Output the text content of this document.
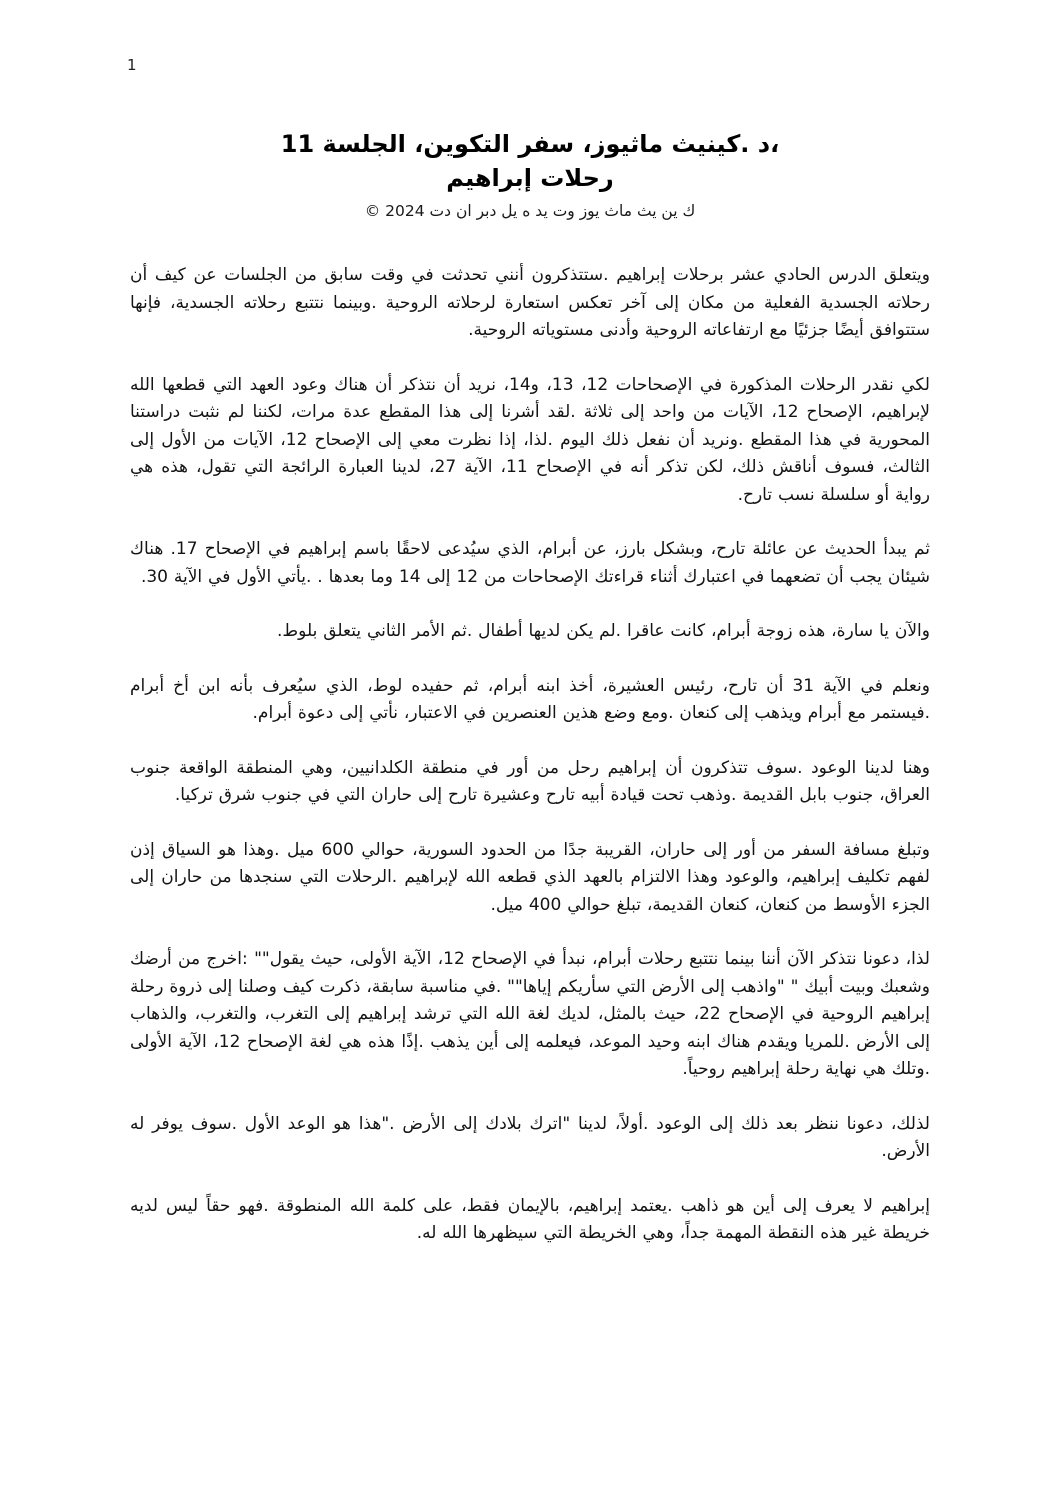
1
،د .كينيث ماثيوز، سفر التكوين، الجلسة 11
رحلات إبراهيم
ك ين يث ماث يوز وت يد ه يل دبر ان دت 2024 ©

ويتعلق الدرس الحادي عشر برحلات إبراهيم .ستتذكرون أنني تحدثت في وقت سابق من الجلسات عن كيف أن رحلاته الجسدية الفعلية من مكان إلى آخر تعكس استعارة لرحلاته الروحية .وبينما نتتبع رحلاته الجسدية، فإنها ستتوافق أيضًا جزئيًا مع ارتفاعاته الروحية وأدنى مستوياته الروحية.

لكي نقدر الرحلات المذكورة في الإصحاحات 12، 13، و14، نريد أن نتذكر أن هناك وعود العهد التي قطعها الله لإبراهيم، الإصحاح 12، الآيات من واحد إلى ثلاثة .لقد أشرنا إلى هذا المقطع عدة مرات، لكننا لم نثبت دراستنا المحورية في هذا المقطع .ونريد أن نفعل ذلك اليوم .لذا، إذا نظرت معي إلى الإصحاح 12، الآيات من الأول إلى الثالث، فسوف أناقش ذلك، لكن تذكر أنه في الإصحاح 11، الآية 27، لدينا العبارة الرائجة التي تقول، هذه هي رواية أو سلسلة نسب تارح.

ثم يبدأ الحديث عن عائلة تارح، وبشكل بارز، عن أبرام، الذي سيُدعى لاحقًا باسم إبراهيم في الإصحاح 17. هناك شيئان يجب أن تضعهما في اعتبارك أثناء قراءتك الإصحاحات من 12 إلى 14 وما بعدها . .يأتي الأول في الآية 30.

والآن يا سارة، هذه زوجة أبرام، كانت عاقرا .لم يكن لديها أطفال .ثم الأمر الثاني يتعلق بلوط.

ونعلم في الآية 31 أن تارح، رئيس العشيرة، أخذ ابنه أبرام، ثم حفيده لوط، الذي سيُعرف بأنه ابن أخ أبرام .فيستمر مع أبرام ويذهب إلى كنعان .ومع وضع هذين العنصرين في الاعتبار، نأتي إلى دعوة أبرام.

وهنا لدينا الوعود .سوف تتذكرون أن إبراهيم رحل من أور في منطقة الكلدانيين، وهي المنطقة الواقعة جنوب العراق، جنوب بابل القديمة .وذهب تحت قيادة أبيه تارح وعشيرة تارح إلى حاران التي في جنوب شرق تركيا.

وتبلغ مسافة السفر من أور إلى حاران، القريبة جدًا من الحدود السورية، حوالي 600 ميل .وهذا هو السياق إذن لفهم تكليف إبراهيم، والوعود وهذا الالتزام بالعهد الذي قطعه الله لإبراهيم .الرحلات التي سنجدها من حاران إلى الجزء الأوسط من كنعان، كنعان القديمة، تبلغ حوالي 400 ميل.

لذا، دعونا نتذكر الآن أننا بينما نتتبع رحلات أبرام، نبدأ في الإصحاح 12، الآية الأولى، حيث يقول"" :اخرج من أرضك وشعبك وبيت أبيك " "واذهب إلى الأرض التي سأريكم إياها"" .في مناسبة سابقة، ذكرت كيف وصلنا إلى ذروة رحلة إبراهيم الروحية في الإصحاح 22، حيث بالمثل، لديك لغة الله التي ترشد إبراهيم إلى التغرب، والتغرب، والذهاب إلى الأرض .للمريا ويقدم هناك ابنه وحيد الموعد، فيعلمه إلى أين يذهب .إذًا هذه هي لغة الإصحاح 12، الآية الأولى .وتلك هي نهاية رحلة إبراهيم روحياً.

لذلك، دعونا ننظر بعد ذلك إلى الوعود .أولاً، لدينا "اترك بلادك إلى الأرض ."هذا هو الوعد الأول .سوف يوفر له الأرض.

إبراهيم لا يعرف إلى أين هو ذاهب .يعتمد إبراهيم، بالإيمان فقط، على كلمة الله المنطوقة .فهو حقاً ليس لديه خريطة غير هذه النقطة المهمة جداً، وهي الخريطة التي سيظهرها الله له.
